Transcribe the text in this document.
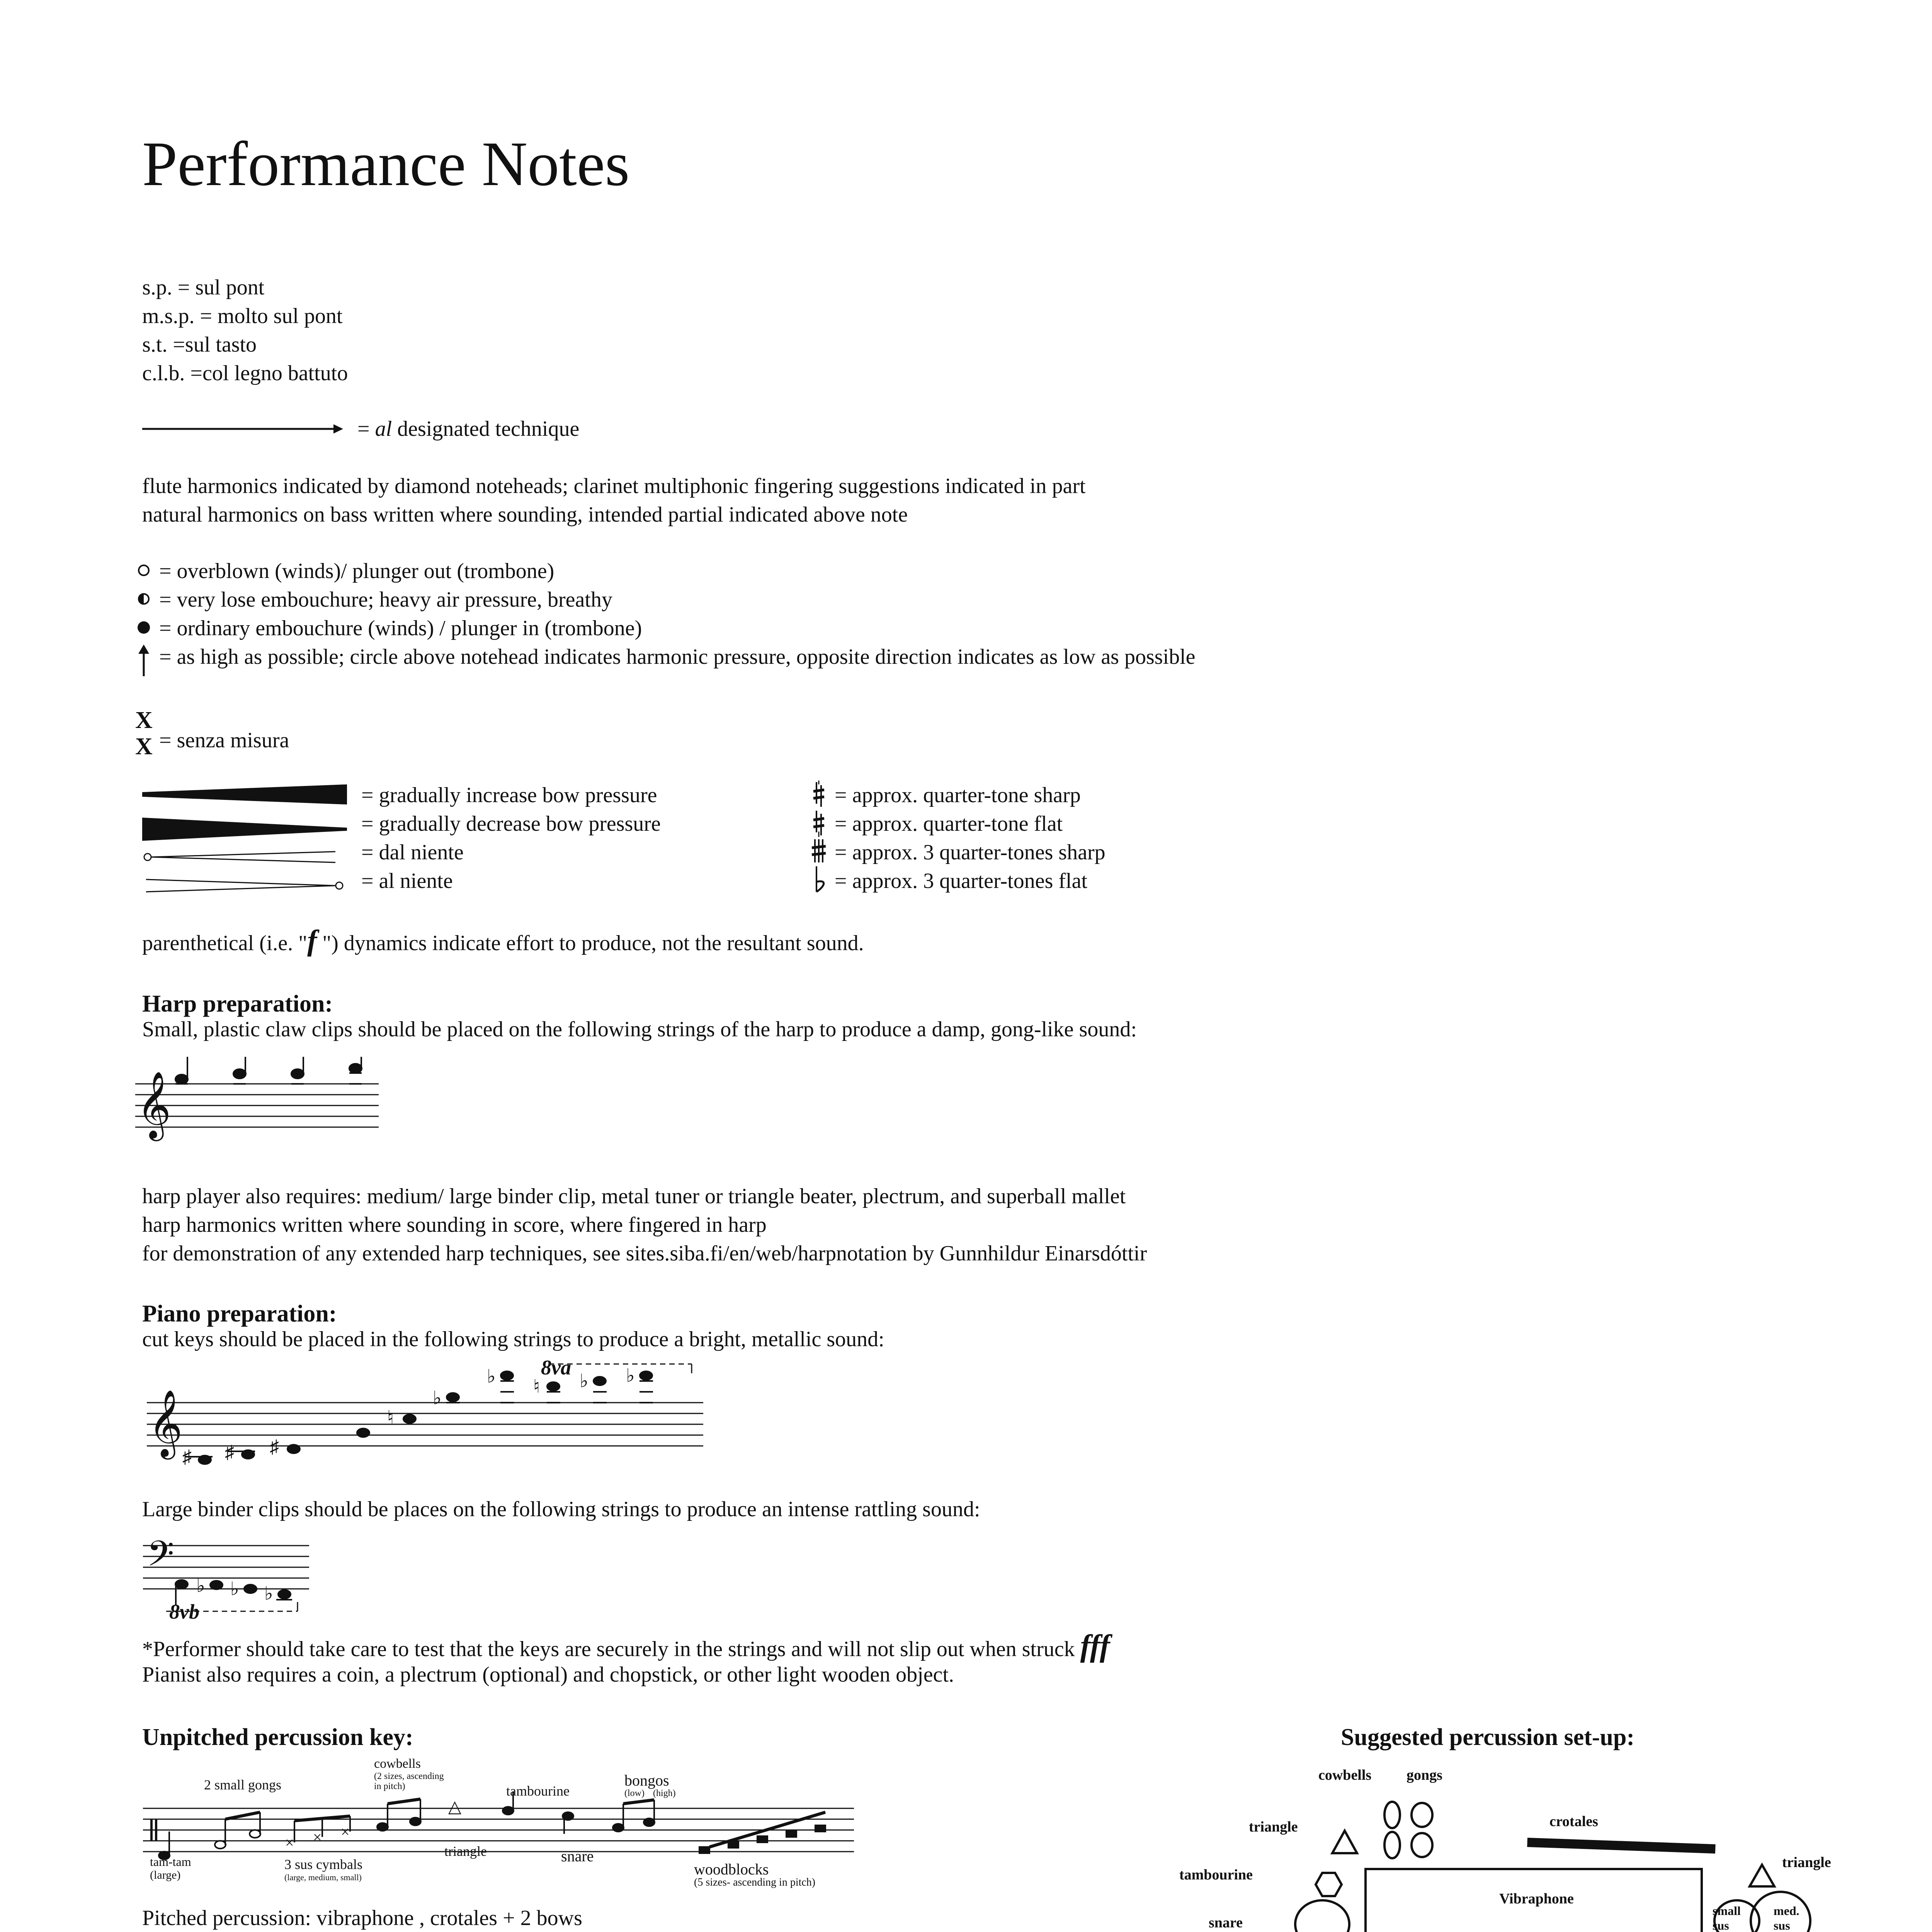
Performance Notes
s.p. = sul pont
m.s.p. = molto sul pont
s.t. =sul tasto
c.l.b. =col legno battuto
= al designated technique
flute harmonics indicated by diamond noteheads; clarinet multiphonic fingering suggestions indicated in part
natural harmonics on bass written where sounding, intended partial indicated above note
= overblown (winds)/ plunger out (trombone)
= very lose embouchure; heavy air pressure, breathy
= ordinary embouchure (winds) / plunger in (trombone)
= as high as possible; circle above notehead indicates harmonic pressure, opposite direction indicates as low as possible
X
X = senza misura
= gradually increase bow pressure
= gradually decrease bow pressure
= dal niente
= al niente
= approx. quarter-tone sharp
= approx. quarter-tone flat
= approx. 3 quarter-tones sharp
= approx. 3 quarter-tones flat
parenthetical (i.e. "f ") dynamics indicate effort to produce, not the resultant sound.
Harp preparation:
Small, plastic claw clips should be placed on the following strings of the harp to produce a damp, gong-like sound:
𝄞
harp player also requires: medium/ large binder clip, metal tuner or triangle beater, plectrum, and superball mallet
harp harmonics written where sounding in score, where fingered in harp
for demonstration of any extended harp techniques, see sites.siba.fi/en/web/harpnotation by Gunnhildur Einarsdóttir
Piano preparation:
cut keys should be placed in the following strings to produce a bright, metallic sound:
𝄞
♯ ♯ ♯
♮
♭
♭ ♮ ♭ ♭
8va
Large binder clips should be places on the following strings to produce an intense rattling sound:
𝄢
♭ ♭ ♭
8vb
*Performer should take care to test that the keys are securely in the strings and will not slip out when struck fff
Pianist also requires a coin, a plectrum (optional) and chopstick, or other light wooden object.
Unpitched percussion key:
× × ×
△
2 small gongs
cowbells
(2 sizes, ascending
in pitch)	tambourine
bongos
(low) (high)
tam-tam
(large)
3 sus cymbals
(large, medium, small)
triangle	snare
woodblocks
(5 sizes- ascending in pitch)
Pitched percussion: vibraphone , crotales + 2 bows
Suggested percussion set-up:
cowbells gongs
triangle	crotales
tambourine
Vibraphone
triangle
snare
small
sus
med.
sus
